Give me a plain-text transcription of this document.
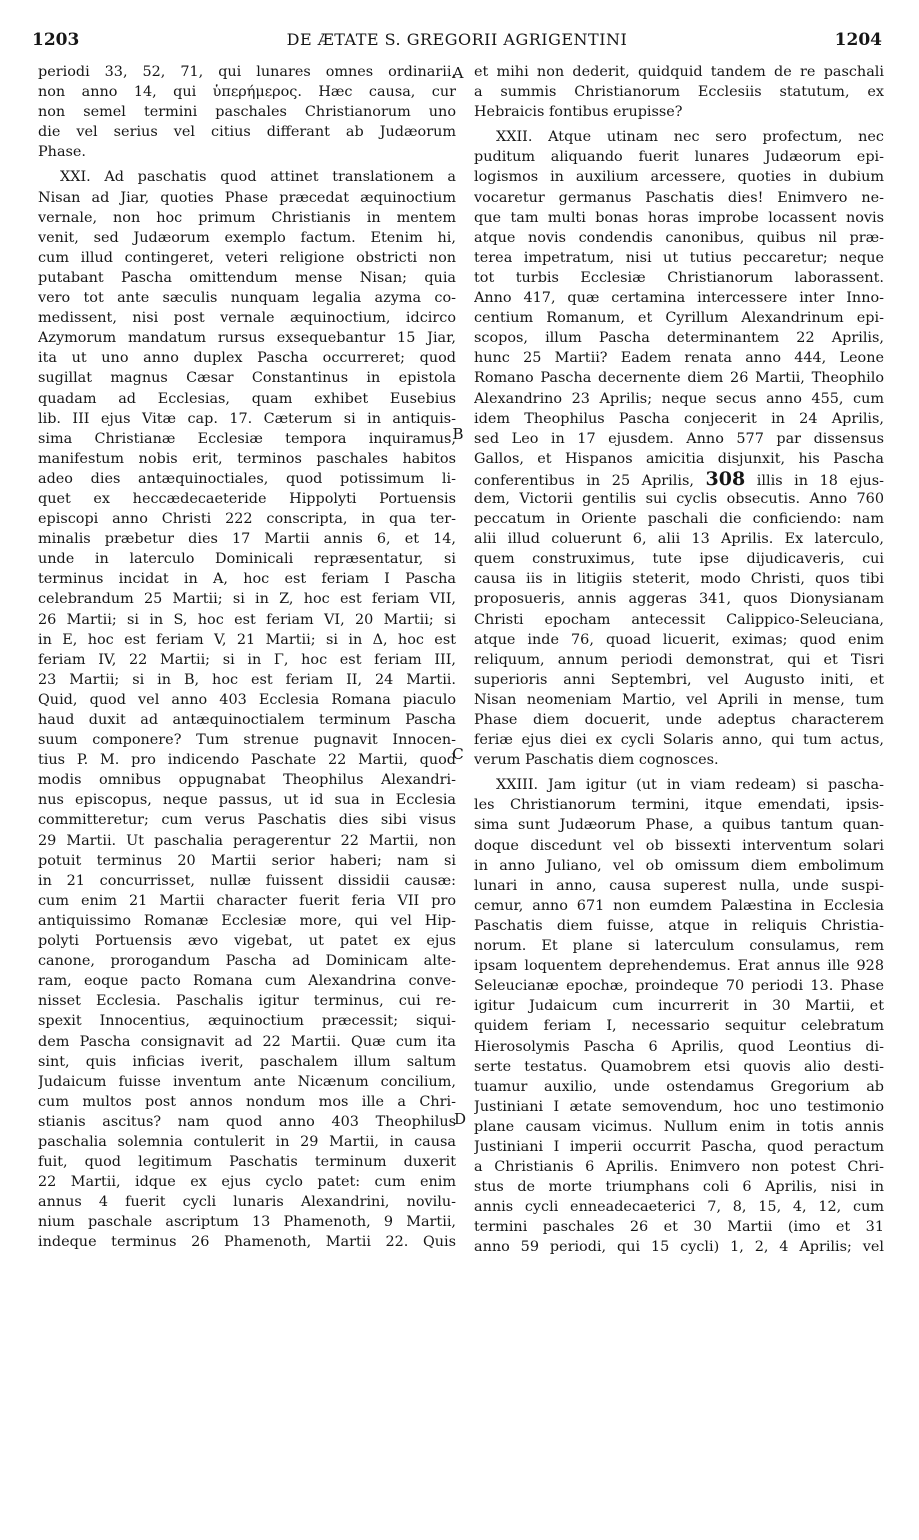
1203	DE ÆTATE S. GREGORII AGRIGENTINI	1204
periodi 33, 52, 71, qui lunares omnes ordinarii,
non anno 14, qui ὑπερήμερος. Hæc causa, cur
non semel termini paschales Christianorum uno
die vel serius vel citius differant ab Judæorum
Phase.
XXI. Ad paschatis quod attinet translationem a
Nisan ad Jiar, quoties Phase præcedat æquinoctium
vernale, non hoc primum Christianis in mentem
venit, sed Judæorum exemplo factum. Etenim hi,
cum illud contingeret, veteri religione obstricti non
putabant Pascha omittendum mense Nisan; quia
vero tot ante sæculis nunquam legalia azyma co-
medissent, nisi post vernale æquinoctium, idcirco
Azymorum mandatum rursus exsequebantur 15 Jiar,
ita ut uno anno duplex Pascha occurreret; quod
sugillat magnus Cæsar Constantinus in epistola
quadam ad Ecclesias, quam exhibet Eusebius
lib. III ejus Vitæ cap. 17. Cæterum si in antiquis-
sima Christianæ Ecclesiæ tempora inquiramus,
manifestum nobis erit, terminos paschales habitos
adeo dies antæquinoctiales, quod potissimum li-
quet ex heccædecaeteride Hippolyti Portuensis
episcopi anno Christi 222 conscripta, in qua ter-
minalis præbetur dies 17 Martii annis 6, et 14,
unde in laterculo Dominicali repræsentatur, si
terminus incidat in A, hoc est feriam I Pascha
celebrandum 25 Martii; si in Z, hoc est feriam VII,
26 Martii; si in S, hoc est feriam VI, 20 Martii; si
in E, hoc est feriam V, 21 Martii; si in Δ, hoc est
feriam IV, 22 Martii; si in Γ, hoc est feriam III,
23 Martii; si in B, hoc est feriam II, 24 Martii.
Quid, quod vel anno 403 Ecclesia Romana piaculo
haud duxit ad antæquinoctialem terminum Pascha
suum componere? Tum strenue pugnavit Innocen-
tius P. M. pro indicendo Paschate 22 Martii, quod
modis omnibus oppugnabat Theophilus Alexandri-
nus episcopus, neque passus, ut id sua in Ecclesia
committeretur; cum verus Paschatis dies sibi visus
29 Martii. Ut paschalia peragerentur 22 Martii, non
potuit terminus 20 Martii serior haberi; nam si
in 21 concurrisset, nullæ fuissent dissidii causæ:
cum enim 21 Martii character fuerit feria VII pro
antiquissimo Romanæ Ecclesiæ more, qui vel Hip-
polyti Portuensis ævo vigebat, ut patet ex ejus
canone, prorogandum Pascha ad Dominicam alte-
ram, eoque pacto Romana cum Alexandrina conve-
nisset Ecclesia. Paschalis igitur terminus, cui re-
spexit Innocentius, æquinoctium præcessit; siqui-
dem Pascha consignavit ad 22 Martii. Quæ cum ita
sint, quis inficias iverit, paschalem illum saltum
Judaicum fuisse inventum ante Nicænum concilium,
cum multos post annos nondum mos ille a Chri-
stianis ascitus? nam quod anno 403 Theophilus
paschalia solemnia contulerit in 29 Martii, in causa
fuit, quod legitimum Paschatis terminum duxerit
22 Martii, idque ex ejus cyclo patet: cum enim
annus 4 fuerit cycli lunaris Alexandrini, novilu-
nium paschale ascriptum 13 Phamenoth, 9 Martii,
indeque terminus 26 Phamenoth, Martii 22. Quis
et mihi non dederit, quidquid tandem de re paschali
a summis Christianorum Ecclesiis statutum, ex
Hebraicis fontibus erupisse?
XXII. Atque utinam nec sero profectum, nec
puditum aliquando fuerit lunares Judæorum epi-
logismos in auxilium arcessere, quoties in dubium
vocaretur germanus Paschatis dies! Enimvero ne-
que tam multi bonas horas improbe locassent novis
atque novis condendis canonibus, quibus nil præ-
terea impetratum, nisi ut tutius peccaretur; neque
tot turbis Ecclesiæ Christianorum laborassent.
Anno 417, quæ certamina intercessere inter Inno-
centium Romanum, et Cyrillum Alexandrinum epi-
scopos, illum Pascha determinantem 22 Aprilis,
hunc 25 Martii? Eadem renata anno 444, Leone
Romano Pascha decernente diem 26 Martii, Theophilo
Alexandrino 23 Aprilis; neque secus anno 455, cum
idem Theophilus Pascha conjecerit in 24 Aprilis,
sed Leo in 17 ejusdem. Anno 577 par dissensus
Gallos, et Hispanos amicitia disjunxit, his Pascha
conferentibus in 25 Aprilis, 308 illis in 18 ejus-
dem, Victorii gentilis sui cyclis obsecutis. Anno 760
peccatum in Oriente paschali die conficiendo: nam
alii illud coluerunt 6, alii 13 Aprilis. Ex laterculo,
quem construximus, tute ipse dijudicaveris, cui
causa iis in litigiis steterit, modo Christi, quos tibi
proposueris, annis aggeras 341, quos Dionysianam
Christi epocham antecessit Calippico-Seleuciana,
atque inde 76, quoad licuerit, eximas; quod enim
reliquum, annum periodi demonstrat, qui et Tisri
superioris anni Septembri, vel Augusto initi, et
Nisan neomeniam Martio, vel Aprili in mense, tum
Phase diem docuerit, unde adeptus characterem
feriæ ejus diei ex cycli Solaris anno, qui tum actus,
verum Paschatis diem cognosces.
XXIII. Jam igitur (ut in viam redeam) si pascha-
les Christianorum termini, itque emendati, ipsis-
sima sunt Judæorum Phase, a quibus tantum quan-
doque discedunt vel ob bissexti interventum solari
in anno Juliano, vel ob omissum diem embolimum
lunari in anno, causa superest nulla, unde suspi-
cemur, anno 671 non eumdem Palæstina in Ecclesia
Paschatis diem fuisse, atque in reliquis Christia-
norum. Et plane si laterculum consulamus, rem
ipsam loquentem deprehendemus. Erat annus ille 928
Seleucianæ epochæ, proindeque 70 periodi 13. Phase
igitur Judaicum cum incurrerit in 30 Martii, et
quidem feriam I, necessario sequitur celebratum
Hierosolymis Pascha 6 Aprilis, quod Leontius di-
serte testatus. Quamobrem etsi quovis alio desti-
tuamur auxilio, unde ostendamus Gregorium ab
Justiniani I ætate semovendum, hoc uno testimonio
plane causam vicimus. Nullum enim in totis annis
Justiniani I imperii occurrit Pascha, quod peractum
a Christianis 6 Aprilis. Enimvero non potest Chri-
stus de morte triumphans coli 6 Aprilis, nisi in
annis cycli enneadecaeterici 7, 8, 15, 4, 12, cum
termini paschales 26 et 30 Martii (imo et 31
anno 59 periodi, qui 15 cycli) 1, 2, 4 Aprilis; vel
A
B
C
D
